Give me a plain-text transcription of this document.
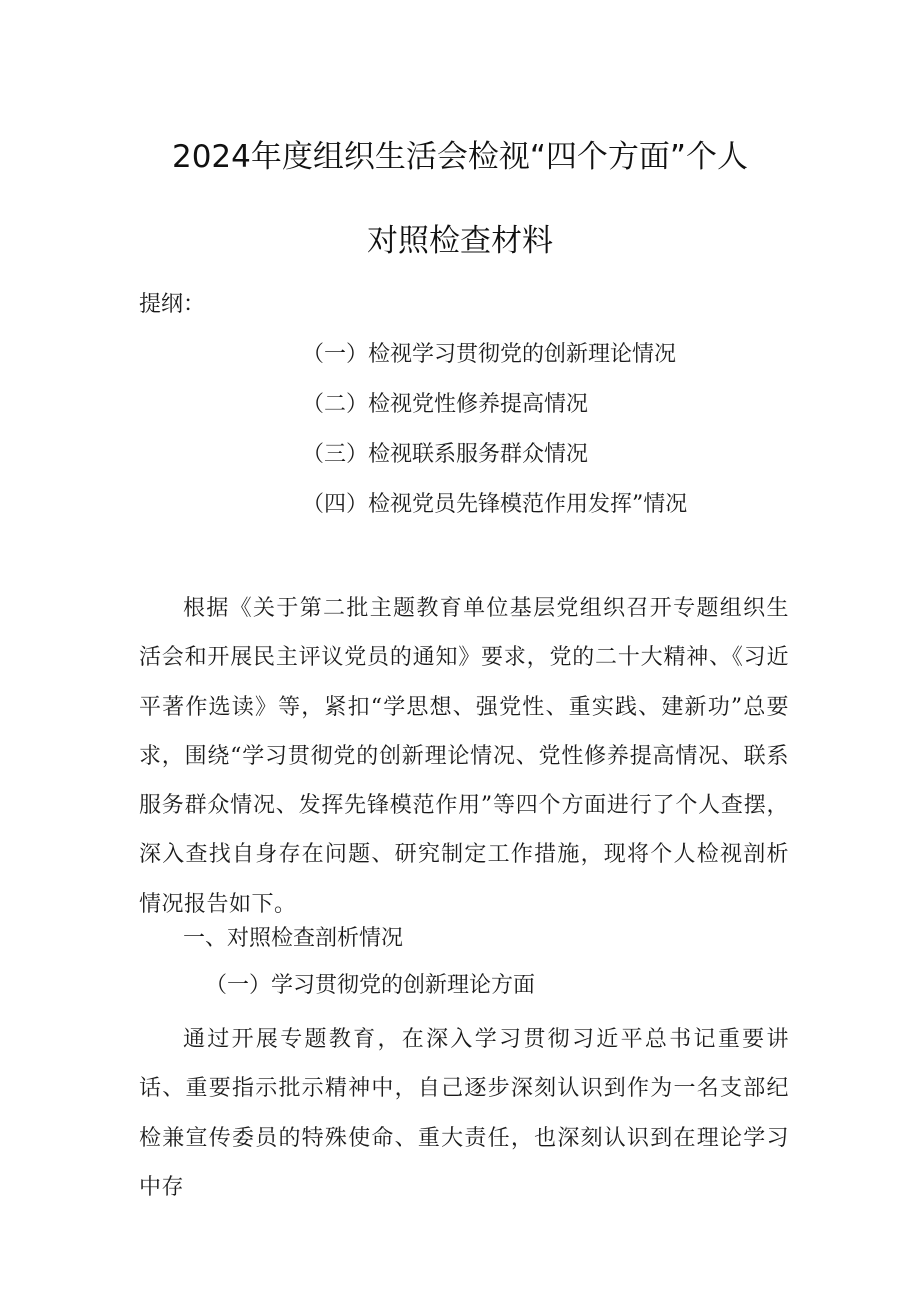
2024年度组织生活会检视“四个方面”个人
对照检查材料
提纲：
（一）检视学习贯彻党的创新理论情况
（二）检视党性修养提高情况
（三）检视联系服务群众情况
（四）检视党员先锋模范作用发挥”情况

根据《关于第二批主题教育单位基层党组织召开专题组织生活会和开展民主评议党员的通知》要求，党的二十大精神、《习近平著作选读》等，紧扣“学思想、强党性、重实践、建新功”总要求，围绕“学习贯彻党的创新理论情况、党性修养提高情况、联系服务群众情况、发挥先锋模范作用”等四个方面进行了个人查摆，深入查找自身存在问题、研究制定工作措施，现将个人检视剖析情况报告如下。

一、对照检查剖析情况
（一）学习贯彻党的创新理论方面

通过开展专题教育，在深入学习贯彻习近平总书记重要讲话、重要指示批示精神中，自己逐步深刻认识到作为一名支部纪检兼宣传委员的特殊使命、重大责任，也深刻认识到在理论学习中存
